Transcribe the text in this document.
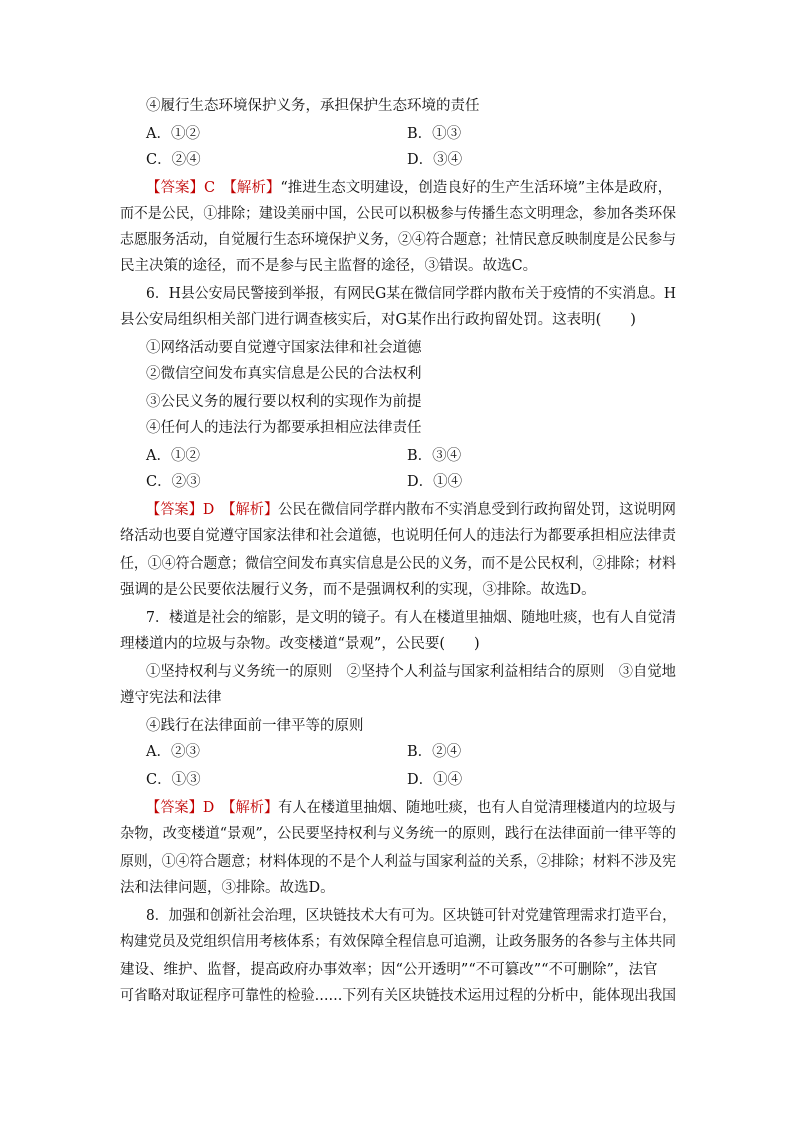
④履行生态环境保护义务，承担保护生态环境的责任
A．①②	B．①③
C．②④	D．③④
【答案】C　 【解析】“推进生态文明建设，创造良好的生产生活环境”主体是政府，
而不是公民，①排除；建设美丽中国，公民可以积极参与传播生态文明理念，参加各类环保
志愿服务活动，自觉履行生态环境保护义务，②④符合题意；社情民意反映制度是公民参与
民主决策的途径，而不是参与民主监督的途径，③错误。故选C。
6．H县公安局民警接到举报，有网民G某在微信同学群内散布关于疫情的不实消息。H
县公安局组织相关部门进行调查核实后，对G某作出行政拘留处罚。这表明(　　)
①网络活动要自觉遵守国家法律和社会道德
②微信空间发布真实信息是公民的合法权利
③公民义务的履行要以权利的实现作为前提
④任何人的违法行为都要承担相应法律责任
A．①②	B．③④
C．②③	D．①④
【答案】D　 【解析】公民在微信同学群内散布不实消息受到行政拘留处罚，这说明网
络活动也要自觉遵守国家法律和社会道德，也说明任何人的违法行为都要承担相应法律责
任，①④符合题意；微信空间发布真实信息是公民的义务，而不是公民权利，②排除；材料
强调的是公民要依法履行义务，而不是强调权利的实现，③排除。故选D。
7．楼道是社会的缩影，是文明的镜子。有人在楼道里抽烟、随地吐痰，也有人自觉清
理楼道内的垃圾与杂物。改变楼道“景观”，公民要(　　)
①坚持权利与义务统一的原则　②坚持个人利益与国家利益相结合的原则　③自觉地
遵守宪法和法律
④践行在法律面前一律平等的原则
A．②③	B．②④
C．①③	D．①④
【答案】D　 【解析】有人在楼道里抽烟、随地吐痰，也有人自觉清理楼道内的垃圾与
杂物，改变楼道“景观”，公民要坚持权利与义务统一的原则，践行在法律面前一律平等的
原则，①④符合题意；材料体现的不是个人利益与国家利益的关系，②排除；材料不涉及宪
法和法律问题，③排除。故选D。
8．加强和创新社会治理，区块链技术大有可为。区块链可针对党建管理需求打造平台，
构建党员及党组织信用考核体系；有效保障全程信息可追溯，让政务服务的各参与主体共同
建设、维护、监督，提高政府办事效率；因“公开透明”“不可篡改”“不可删除”，法官
可省略对取证程序可靠性的检验……下列有关区块链技术运用过程的分析中，能体现出我国
